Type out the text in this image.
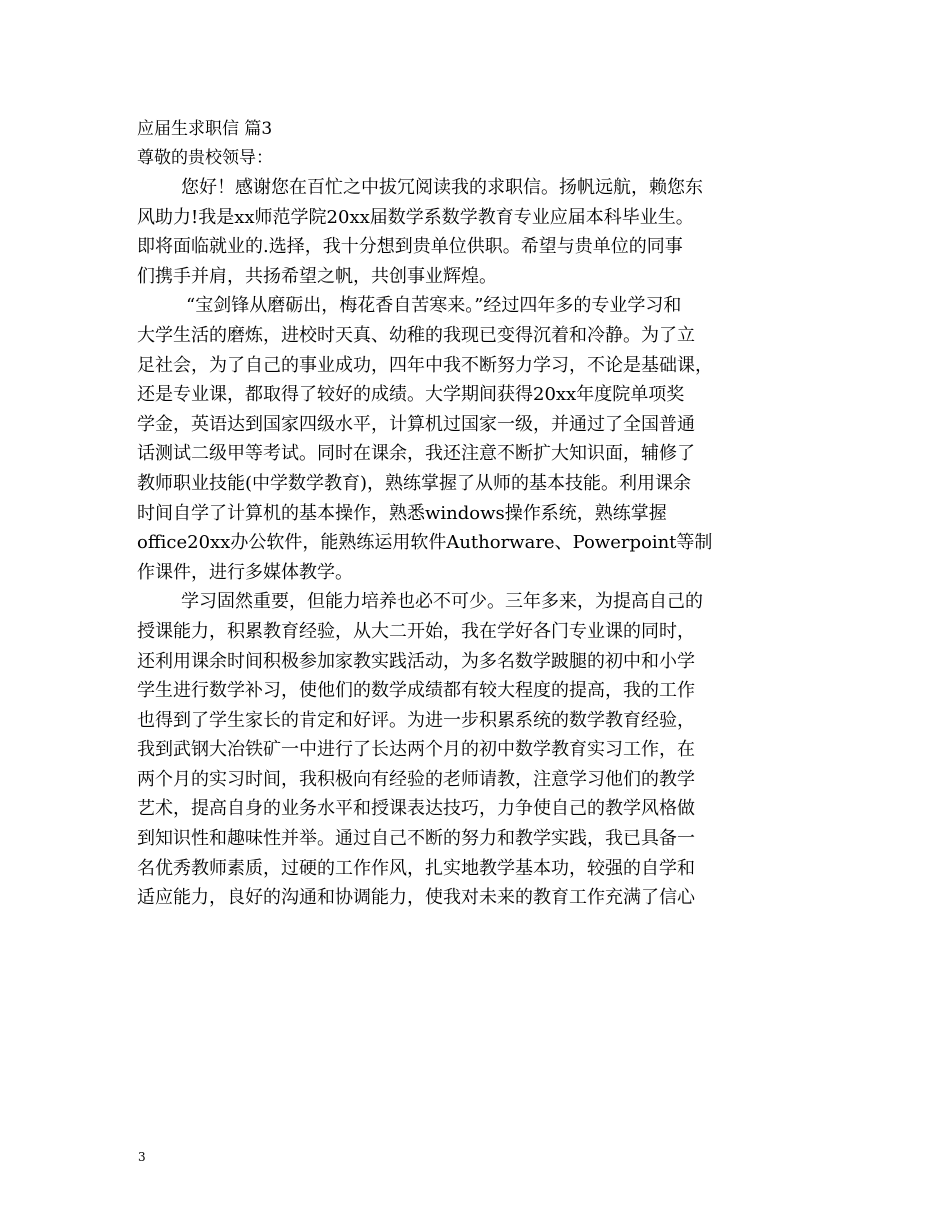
应届生求职信 篇3
尊敬的贵校领导：
您好！感谢您在百忙之中拔冗阅读我的求职信。扬帆远航，赖您东
风助力!我是xx师范学院20xx届数学系数学教育专业应届本科毕业生。
即将面临就业的.选择，我十分想到贵单位供职。希望与贵单位的同事
们携手并肩，共扬希望之帆，共创事业辉煌。
“宝剑锋从磨砺出，梅花香自苦寒来。”经过四年多的专业学习和
大学生活的磨炼，进校时天真、幼稚的我现已变得沉着和冷静。为了立
足社会，为了自己的事业成功，四年中我不断努力学习，不论是基础课，
还是专业课，都取得了较好的成绩。大学期间获得20xx年度院单项奖
学金，英语达到国家四级水平，计算机过国家一级，并通过了全国普通
话测试二级甲等考试。同时在课余，我还注意不断扩大知识面，辅修了
教师职业技能(中学数学教育)，熟练掌握了从师的基本技能。利用课余
时间自学了计算机的基本操作，熟悉windows操作系统，熟练掌握
office20xx办公软件，能熟练运用软件Authorware、Powerpoint等制
作课件，进行多媒体教学。
学习固然重要，但能力培养也必不可少。三年多来，为提高自己的
授课能力，积累教育经验，从大二开始，我在学好各门专业课的同时，
还利用课余时间积极参加家教实践活动，为多名数学跛腿的初中和小学
学生进行数学补习，使他们的数学成绩都有较大程度的提高，我的工作
也得到了学生家长的肯定和好评。为进一步积累系统的数学教育经验，
我到武钢大冶铁矿一中进行了长达两个月的初中数学教育实习工作，在
两个月的实习时间，我积极向有经验的老师请教，注意学习他们的教学
艺术，提高自身的业务水平和授课表达技巧，力争使自己的教学风格做
到知识性和趣味性并举。通过自己不断的努力和教学实践，我已具备一
名优秀教师素质，过硬的工作作风，扎实地教学基本功，较强的自学和
适应能力，良好的沟通和协调能力，使我对未来的教育工作充满了信心
3
